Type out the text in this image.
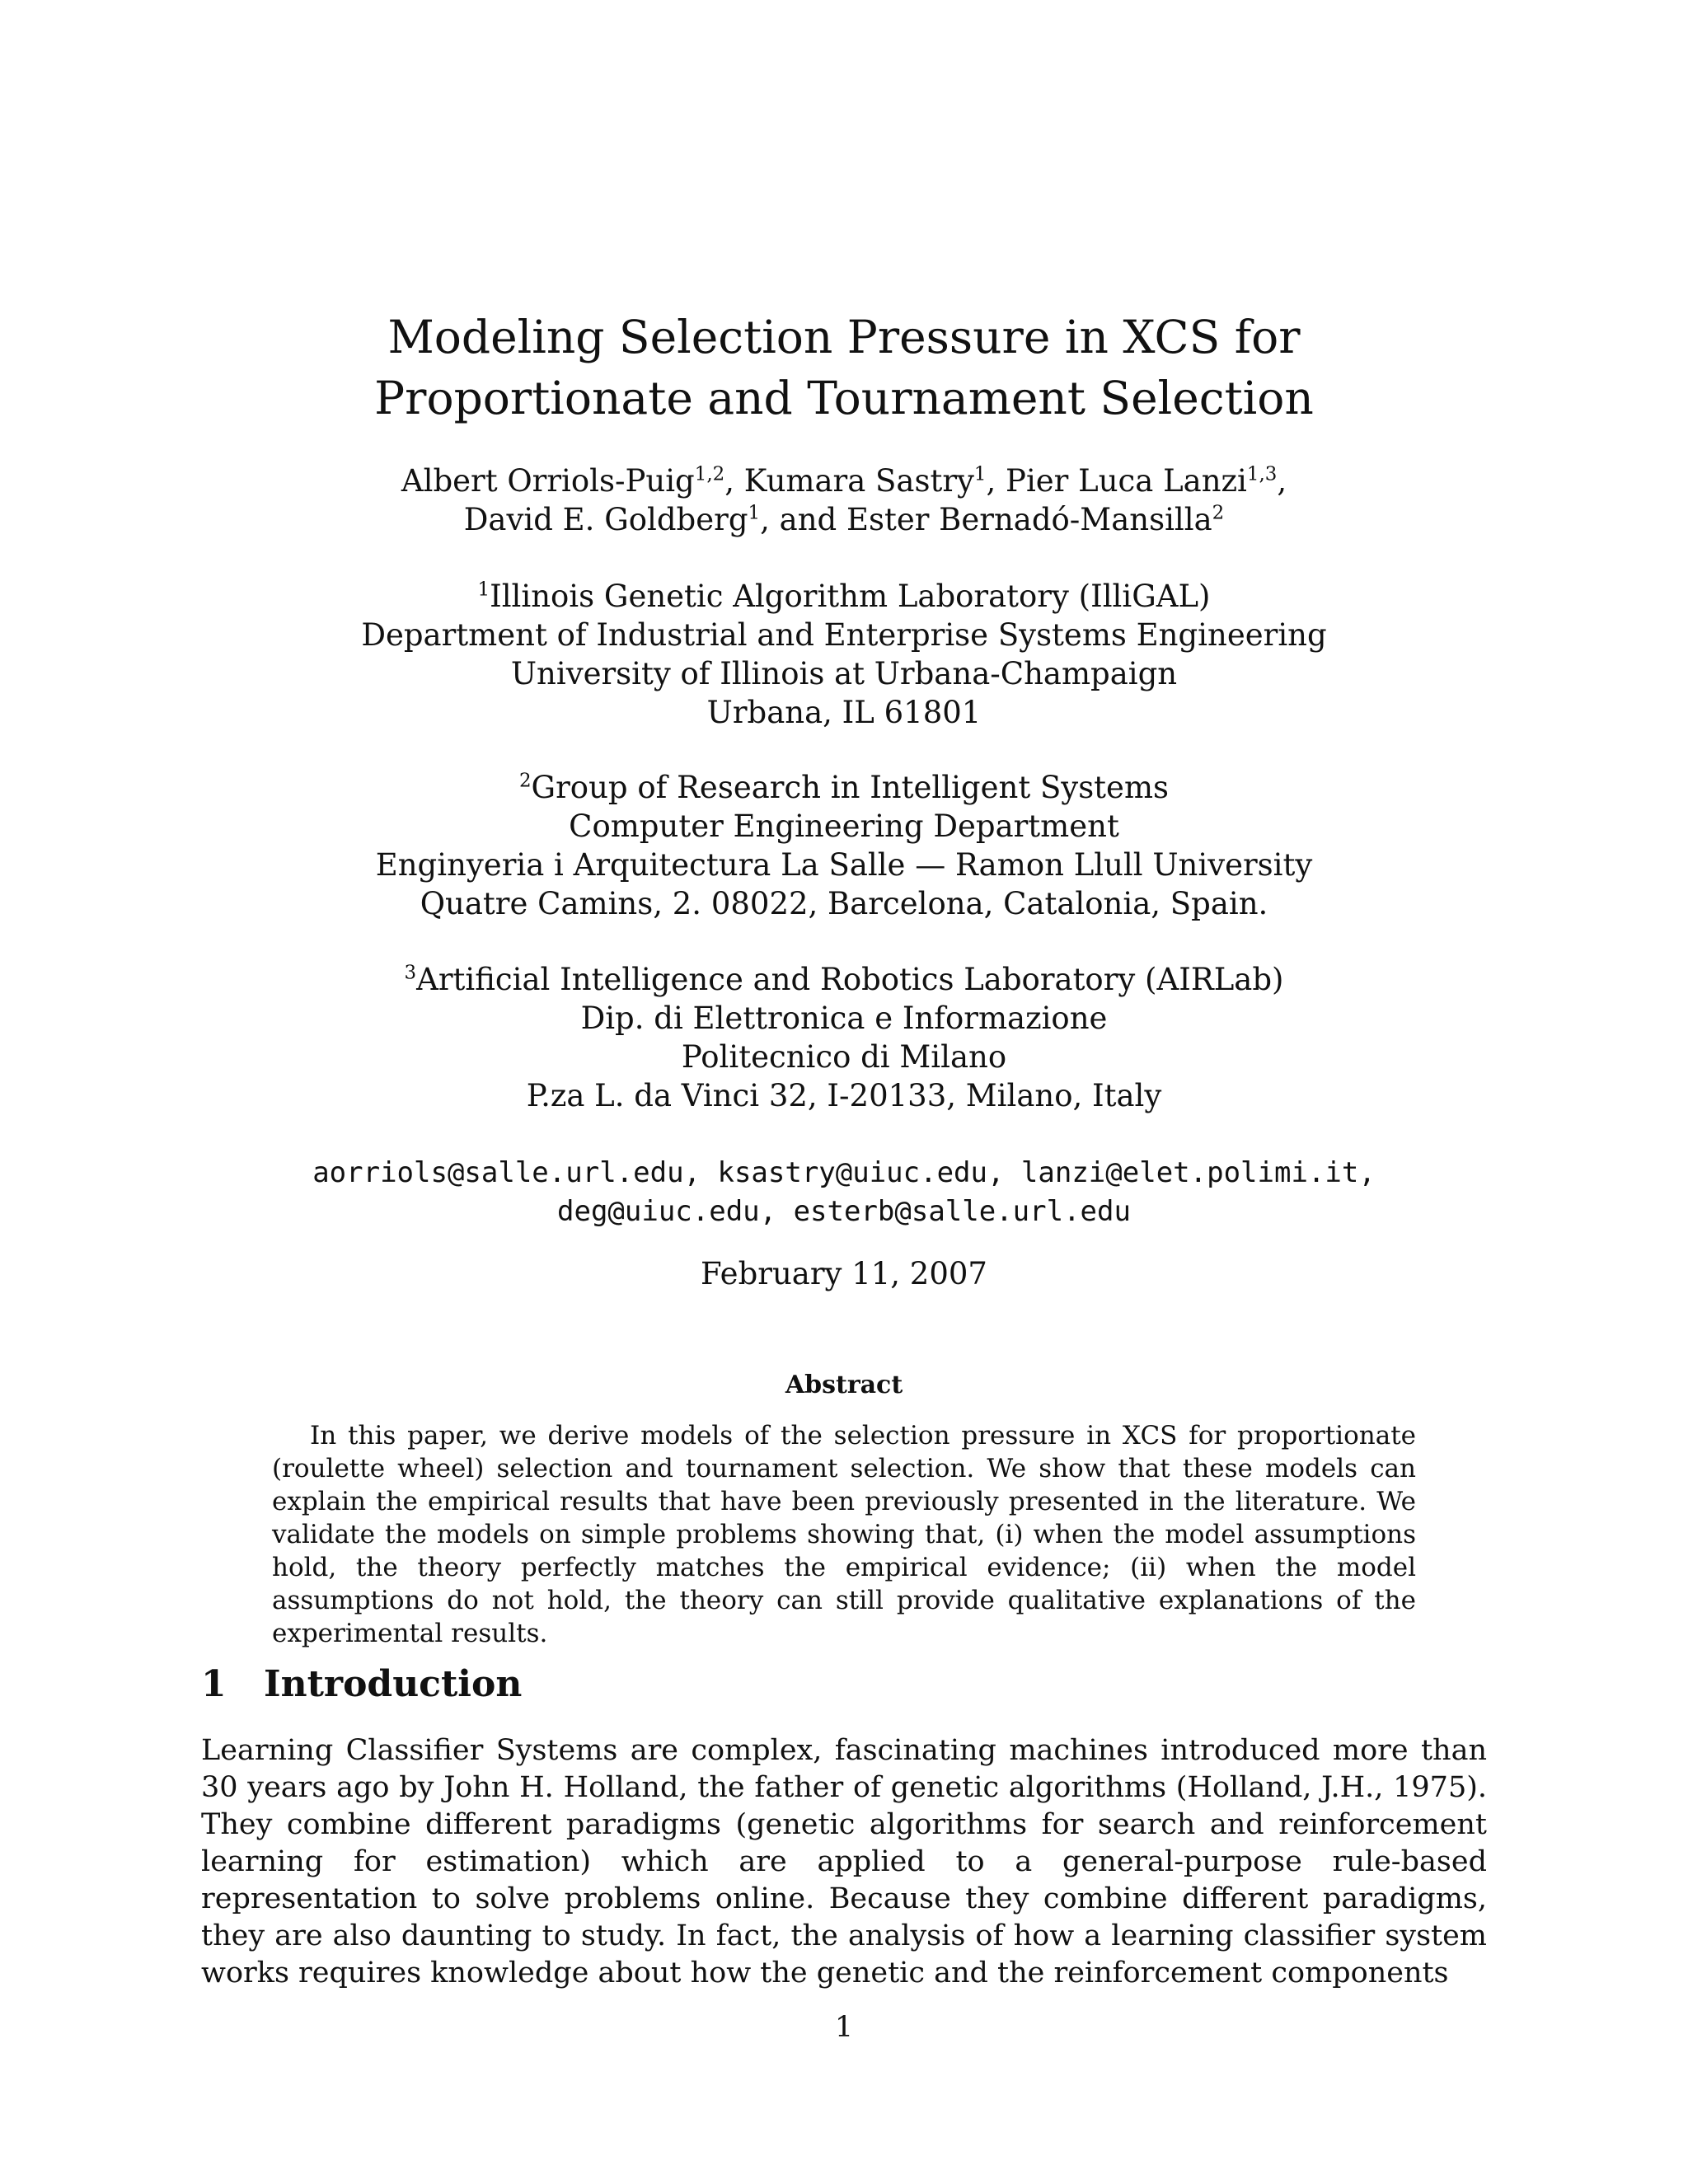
Modeling Selection Pressure in XCS for
Proportionate and Tournament Selection
Albert Orriols-Puig$^{1,2}$, Kumara Sastry$^1$, Pier Luca Lanzi$^{1,3}$,
David E. Goldberg$^1$, and Ester Bernadó-Mansilla$^2$
$^1$Illinois Genetic Algorithm Laboratory (IlliGAL)
Department of Industrial and Enterprise Systems Engineering
University of Illinois at Urbana-Champaign
Urbana, IL 61801
$^2$Group of Research in Intelligent Systems
Computer Engineering Department
Enginyeria i Arquitectura La Salle — Ramon Llull University
Quatre Camins, 2. 08022, Barcelona, Catalonia, Spain.
$^3$Artificial Intelligence and Robotics Laboratory (AIRLab)
Dip. di Elettronica e Informazione
Politecnico di Milano
P.za L. da Vinci 32, I-20133, Milano, Italy
aorriols@salle.url.edu, ksastry@uiuc.edu, lanzi@elet.polimi.it,
deg@uiuc.edu, esterb@salle.url.edu
February 11, 2007
Abstract

In this paper, we derive models of the selection pressure in XCS for proportionate (roulette wheel) selection and tournament selection. We show that these models can explain the empirical results that have been previously presented in the literature. We validate the models on simple problems showing that, (i) when the model assumptions hold, the theory perfectly matches the empirical evidence; (ii) when the model assumptions do not hold, the theory can still provide qualitative explanations of the experimental results.

1 Introduction
Learning Classifier Systems are complex, fascinating machines introduced more than 30 years ago by John H. Holland, the father of genetic algorithms (Holland, J.H., 1975). They combine different paradigms (genetic algorithms for search and reinforcement learning for estimation) which are applied to a general-purpose rule-based representation to solve problems online. Because they combine different paradigms, they are also daunting to study. In fact, the analysis of how a learning classifier system works requires knowledge about how the genetic and the reinforcement components
1
